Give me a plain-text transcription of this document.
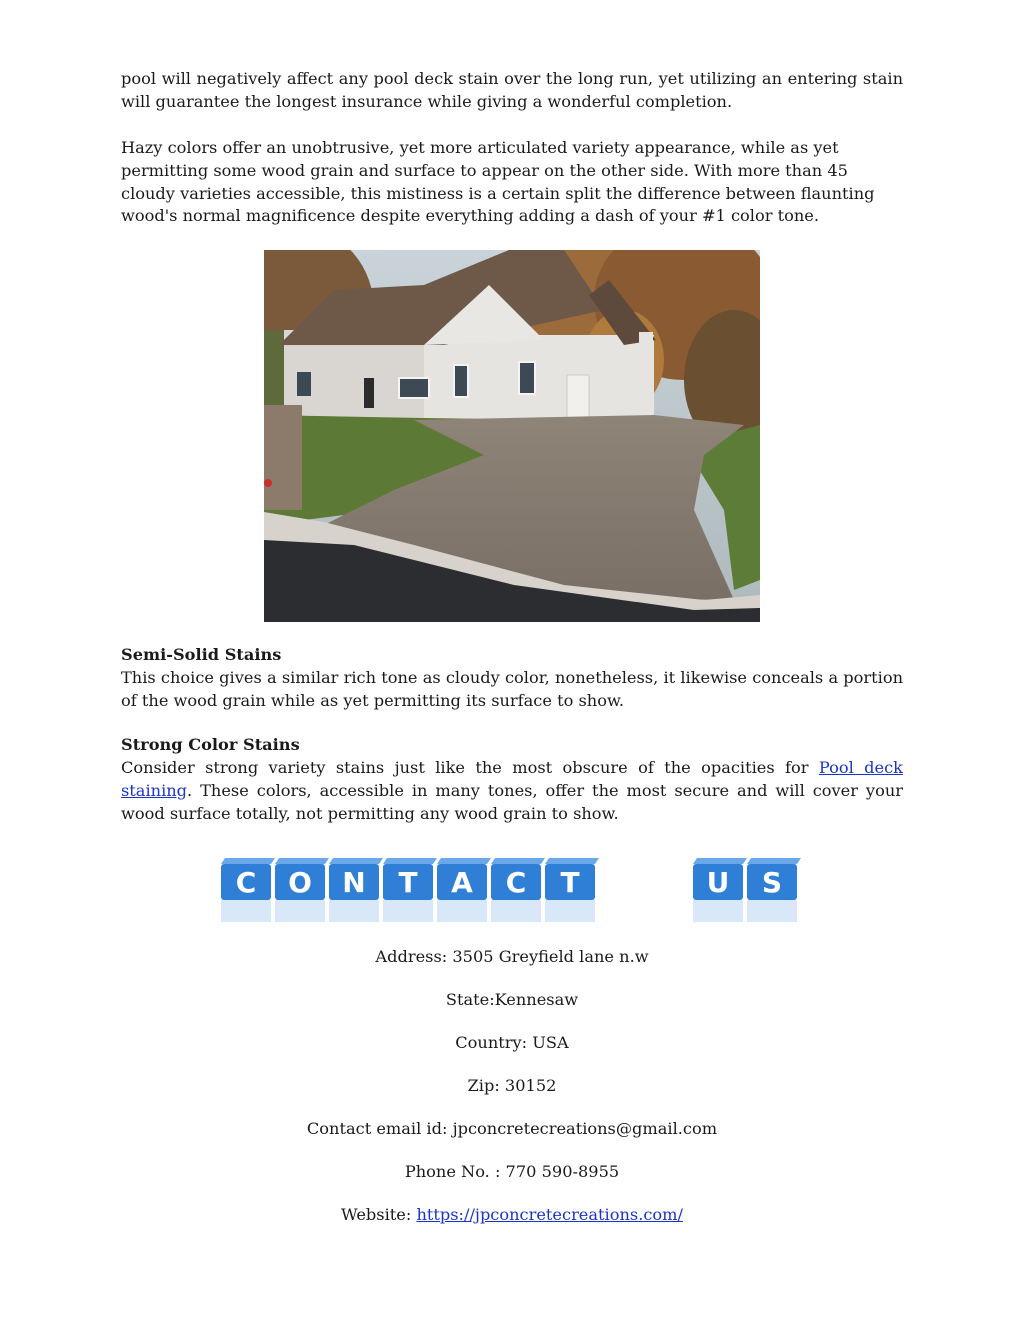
pool will negatively affect any pool deck stain over the long run, yet utilizing an entering stain will guarantee the longest insurance while giving a wonderful completion.

Hazy colors offer an unobtrusive, yet more articulated variety appearance, while as yet permitting some wood grain and surface to appear on the other side. With more than 45 cloudy varieties accessible, this mistiness is a certain split the difference between flaunting wood's normal magnificence despite everything adding a dash of your #1 color tone.

Semi-Solid Stains

This choice gives a similar rich tone as cloudy color, nonetheless, it likewise conceals a portion of the wood grain while as yet permitting its surface to show.

Strong Color Stains

Consider strong variety stains just like the most obscure of the opacities for Pool deck staining. These colors, accessible in many tones, offer the most secure and will cover your wood surface totally, not permitting any wood grain to show.

C O N T A C T	U S

Address: 3505 Greyfield lane n.w

State:Kennesaw

Country: USA

Zip: 30152

Contact email id: jpconcretecreations@gmail.com

Phone No. : 770 590-8955

Website: https://jpconcretecreations.com/
